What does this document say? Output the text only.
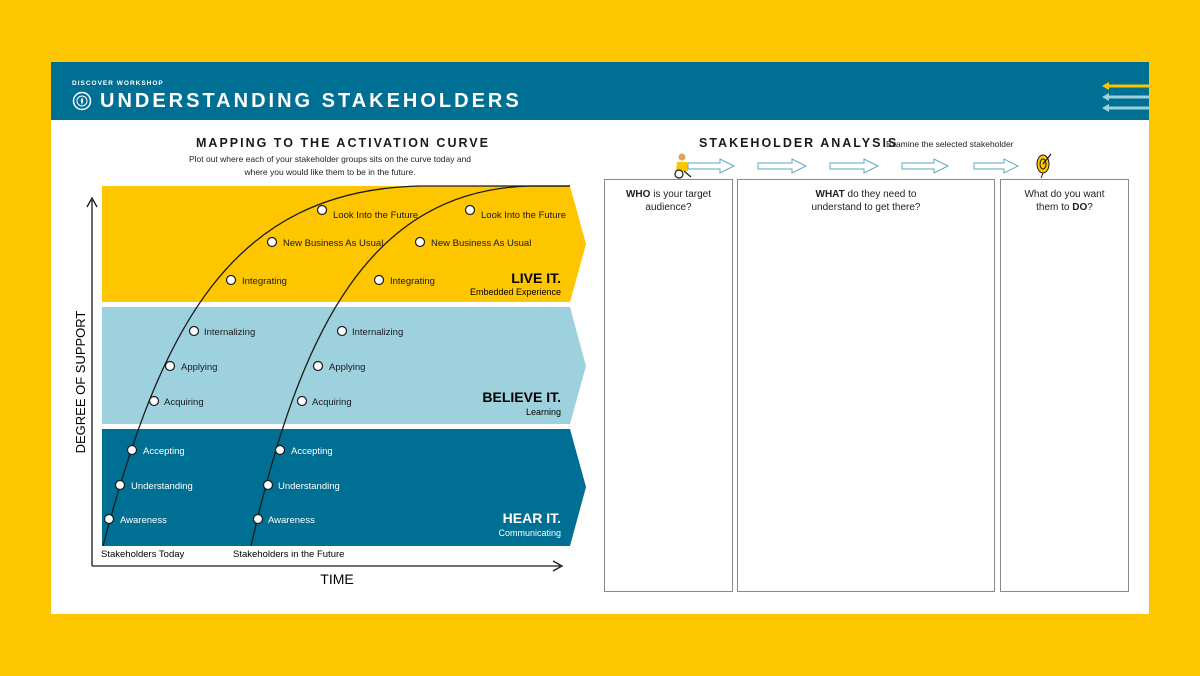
DISCOVER WORKSHOP
UNDERSTANDING STAKEHOLDERS
MAPPING TO THE ACTIVATION CURVE
Plot out where each of your stakeholder groups sits on the curve today and
where you would like them to be in the future.
LIVE IT.
Embedded Experience
BELIEVE IT.
Learning
HEAR IT.
Communicating
Awareness
Understanding
Accepting
Acquiring
Applying
Internalizing
Integrating
New Business As Usual
Look Into the Future
Awareness
Understanding
Accepting
Acquiring
Applying
Internalizing
Integrating
New Business As Usual
Look Into the Future
DEGREE OF SUPPORT
TIME
Stakeholders Today	Stakeholders in the Future
STAKEHOLDER ANALYSIS
Examine the selected stakeholder
WHO is your target audience?
WHAT do they need to understand to get there?
What do you want them to DO?
